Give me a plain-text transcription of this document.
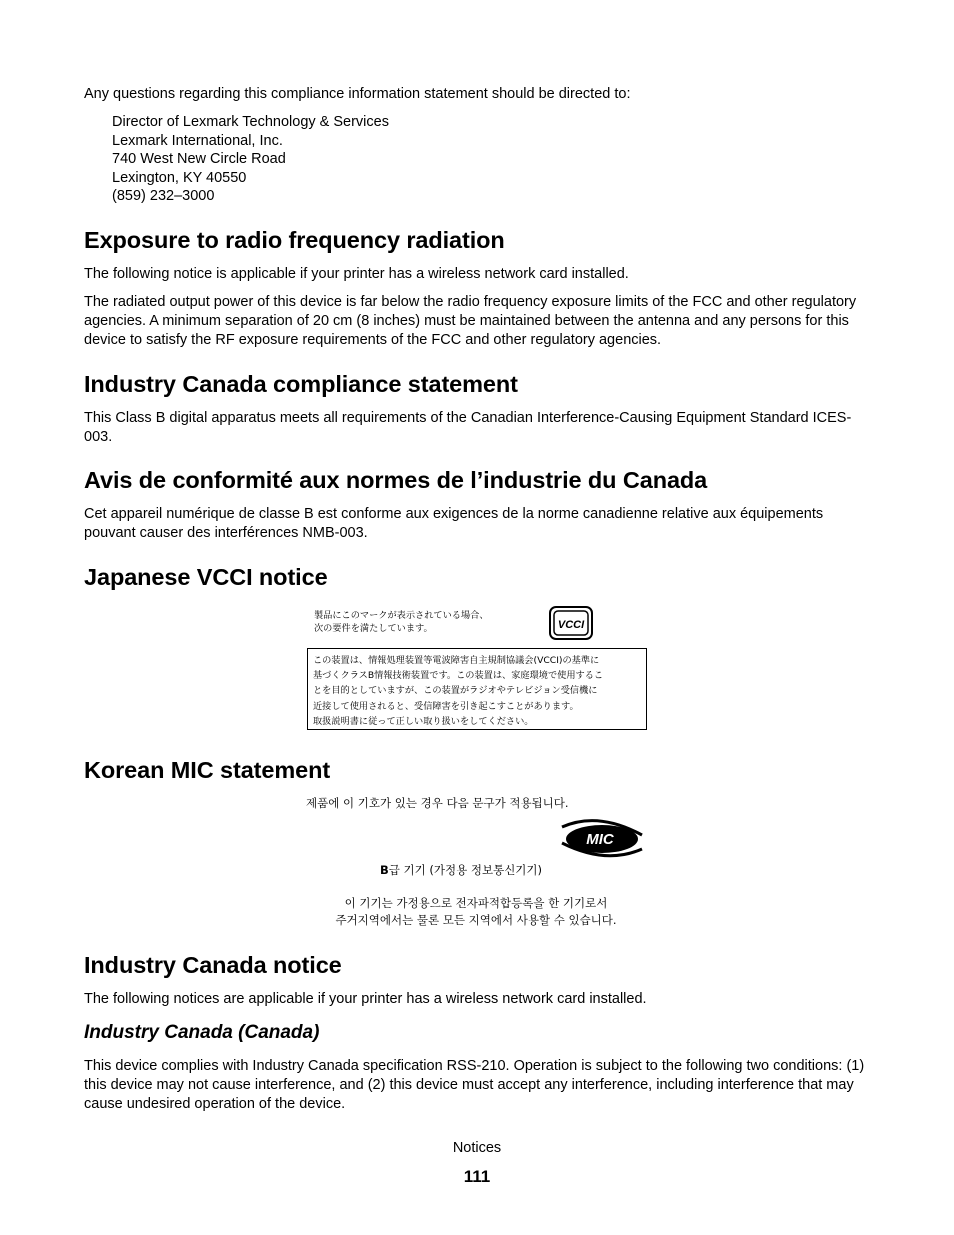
Any questions regarding this compliance information statement should be directed to:

Director of Lexmark Technology & Services
Lexmark International, Inc.
740 West New Circle Road
Lexington, KY 40550
(859) 232–3000
Exposure to radio frequency radiation

The following notice is applicable if your printer has a wireless network card installed.

The radiated output power of this device is far below the radio frequency exposure limits of the FCC and other regulatory agencies. A minimum separation of 20 cm (8 inches) must be maintained between the antenna and any persons for this device to satisfy the RF exposure requirements of the FCC and other regulatory agencies.

Industry Canada compliance statement

This Class B digital apparatus meets all requirements of the Canadian Interference-Causing Equipment Standard ICES-003.

Avis de conformité aux normes de l’industrie du Canada

Cet appareil numérique de classe B est conforme aux exigences de la norme canadienne relative aux équipements pouvant causer des interférences NMB-003.

Japanese VCCI notice
製品にこのマークが表示されている場合、
次の要件を満たしています。	VCCI
この装置は、情報処理装置等電波障害自主規制協議会(VCCI)の基準に
基づくクラスB情報技術装置です。この装置は、家庭環境で使用するこ
とを目的としていますが、この装置がラジオやテレビジョン受信機に
近接して使用されると、受信障害を引き起こすことがあります。
取扱説明書に従って正しい取り扱いをしてください。
Korean MIC statement
제품에 이 기호가 있는 경우 다음 문구가 적용됩니다.
MIC
B급 기기 (가정용 정보통신기기)
이 기기는 가정용으로 전자파적합등록을 한 기기로서
주거지역에서는 물론 모든 지역에서 사용할 수 있습니다.
Industry Canada notice

The following notices are applicable if your printer has a wireless network card installed.

Industry Canada (Canada)

This device complies with Industry Canada specification RSS-210. Operation is subject to the following two conditions: (1) this device may not cause interference, and (2) this device must accept any interference, including interference that may cause undesired operation of the device.

Notices
111
